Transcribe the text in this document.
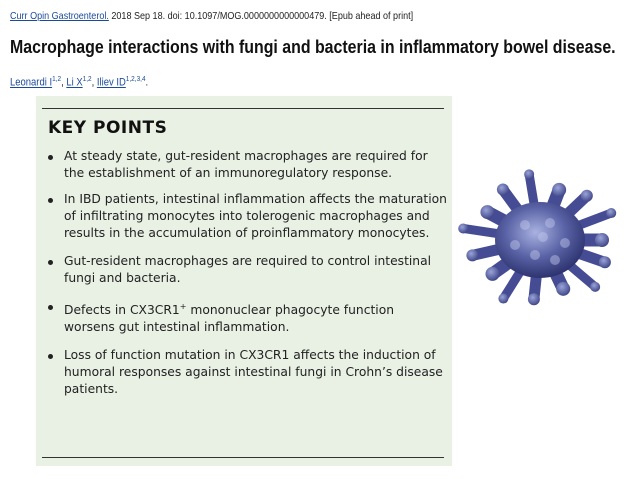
Curr Opin Gastroenterol. 2018 Sep 18. doi: 10.1097/MOG.0000000000000479. [Epub ahead of print]
Macrophage interactions with fungi and bacteria in inflammatory bowel disease.
Leonardi I$^{1,2}$, Li X$^{1,2}$, Iliev ID$^{1,2,3,4}$.
KEY POINTS
At steady state, gut-resident macrophages are required for the establishment of an immunoregulatory response.
In IBD patients, intestinal inflammation affects the maturation of infiltrating monocytes into tolerogenic macrophages and results in the accumulation of proinflammatory monocytes.
Gut-resident macrophages are required to control intestinal fungi and bacteria.
Defects in CX3CR1+ mononuclear phagocyte function worsens gut intestinal inflammation.
Loss of function mutation in CX3CR1 affects the induction of humoral responses against intestinal fungi in Crohn’s disease patients.
